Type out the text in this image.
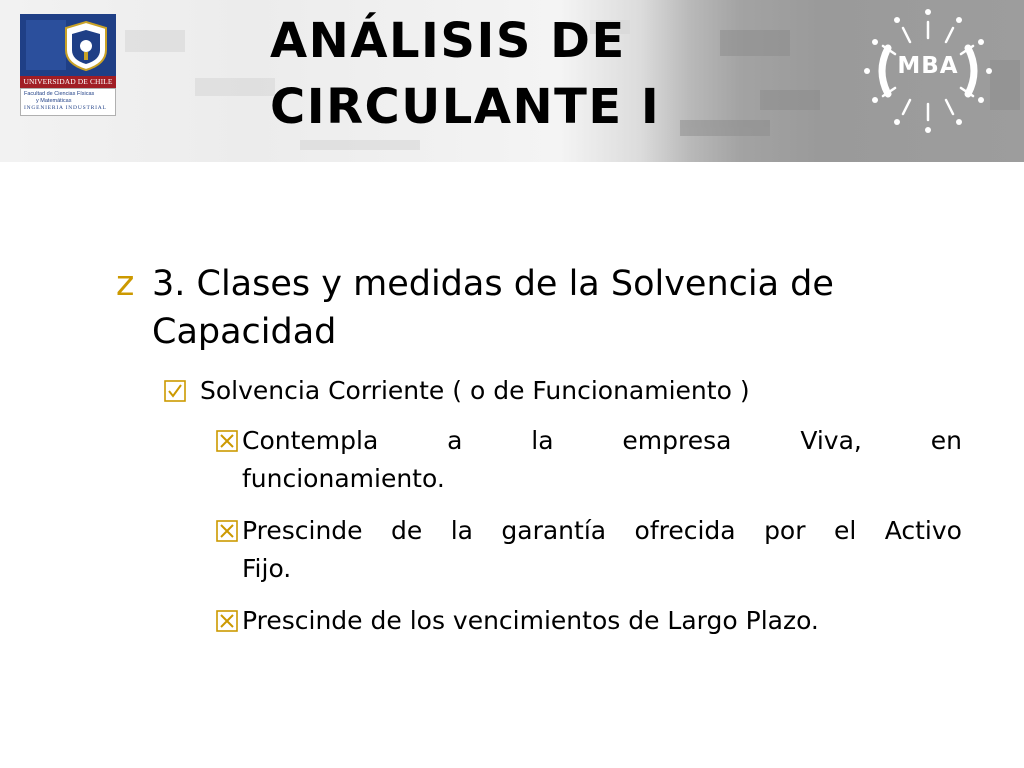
UNIVERSIDAD DE CHILE
Facultad de Ciencias Físicas
y Matemáticas
INGENIERIA INDUSTRIAL
ANÁLISIS DE
CIRCULANTE I
MBA
z 3. Clases y medidas de la Solvencia de
Capacidad
Solvencia Corriente ( o de Funcionamiento )
Contempla	a	la	empresa	Viva,	en
funcionamiento.
Prescinde de la garantía ofrecida por el Activo
Fijo.
Prescinde de los vencimientos de Largo Plazo.
